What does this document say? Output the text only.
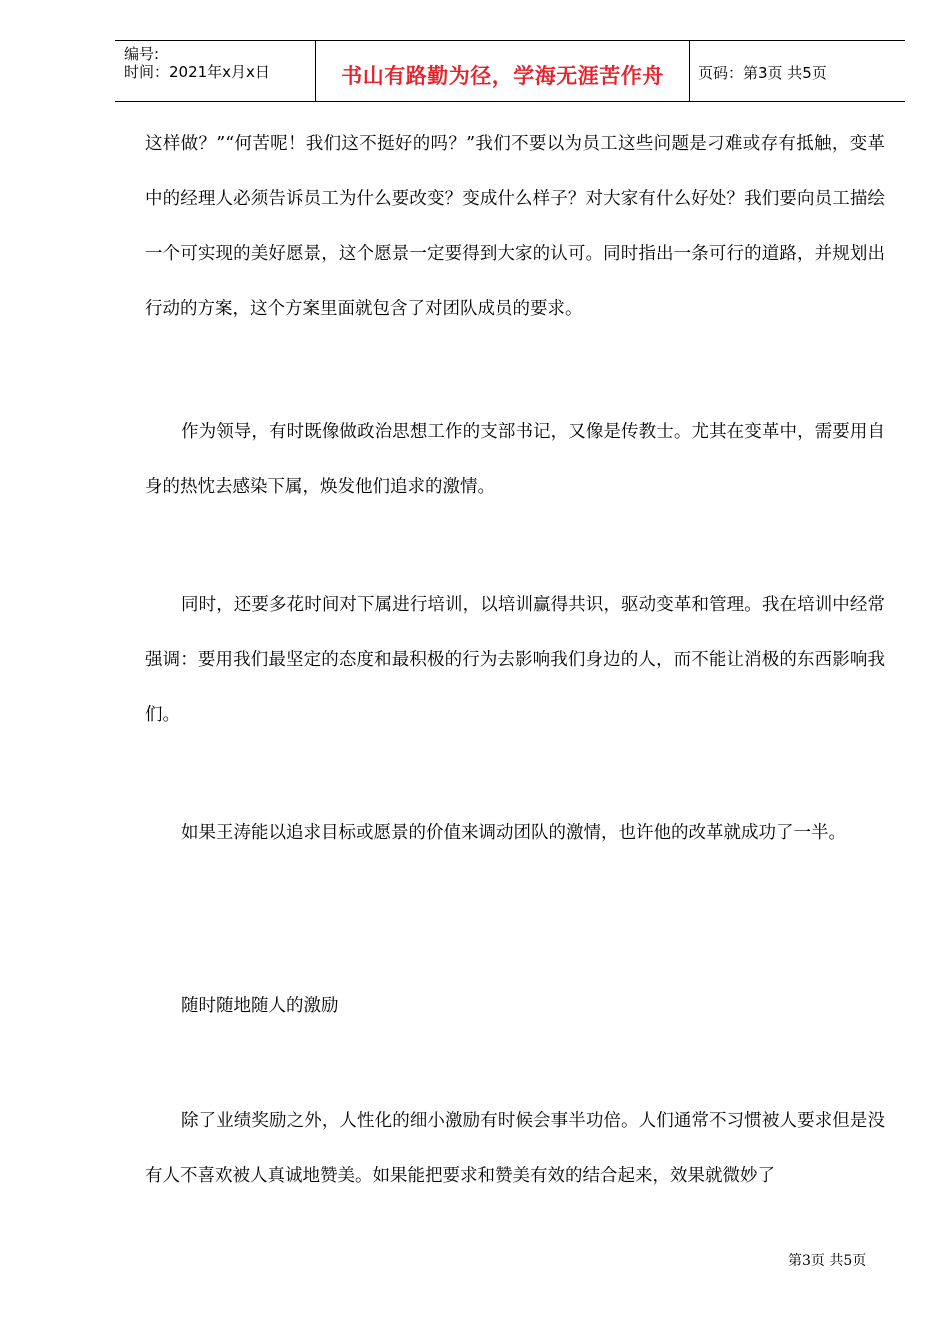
编号:
时间：2021年x月x日	书山有路勤为径，学海无涯苦作舟	页码：第3页 共5页

这样做？”“何苦呢！我们这不挺好的吗？”我们不要以为员工这些问题是刁难或存有抵触，变革中的经理人必须告诉员工为什么要改变？变成什么样子？对大家有什么好处？我们要向员工描绘一个可实现的美好愿景，这个愿景一定要得到大家的认可。同时指出一条可行的道路，并规划出行动的方案，这个方案里面就包含了对团队成员的要求。

作为领导，有时既像做政治思想工作的支部书记，又像是传教士。尤其在变革中，需要用自身的热忱去感染下属，焕发他们追求的激情。

同时，还要多花时间对下属进行培训，以培训赢得共识，驱动变革和管理。我在培训中经常强调：要用我们最坚定的态度和最积极的行为去影响我们身边的人，而不能让消极的东西影响我们。

如果王涛能以追求目标或愿景的价值来调动团队的激情，也许他的改革就成功了一半。

随时随地随人的激励

除了业绩奖励之外，人性化的细小激励有时候会事半功倍。人们通常不习惯被人要求但是没有人不喜欢被人真诚地赞美。如果能把要求和赞美有效的结合起来，效果就微妙了

第3页 共5页
